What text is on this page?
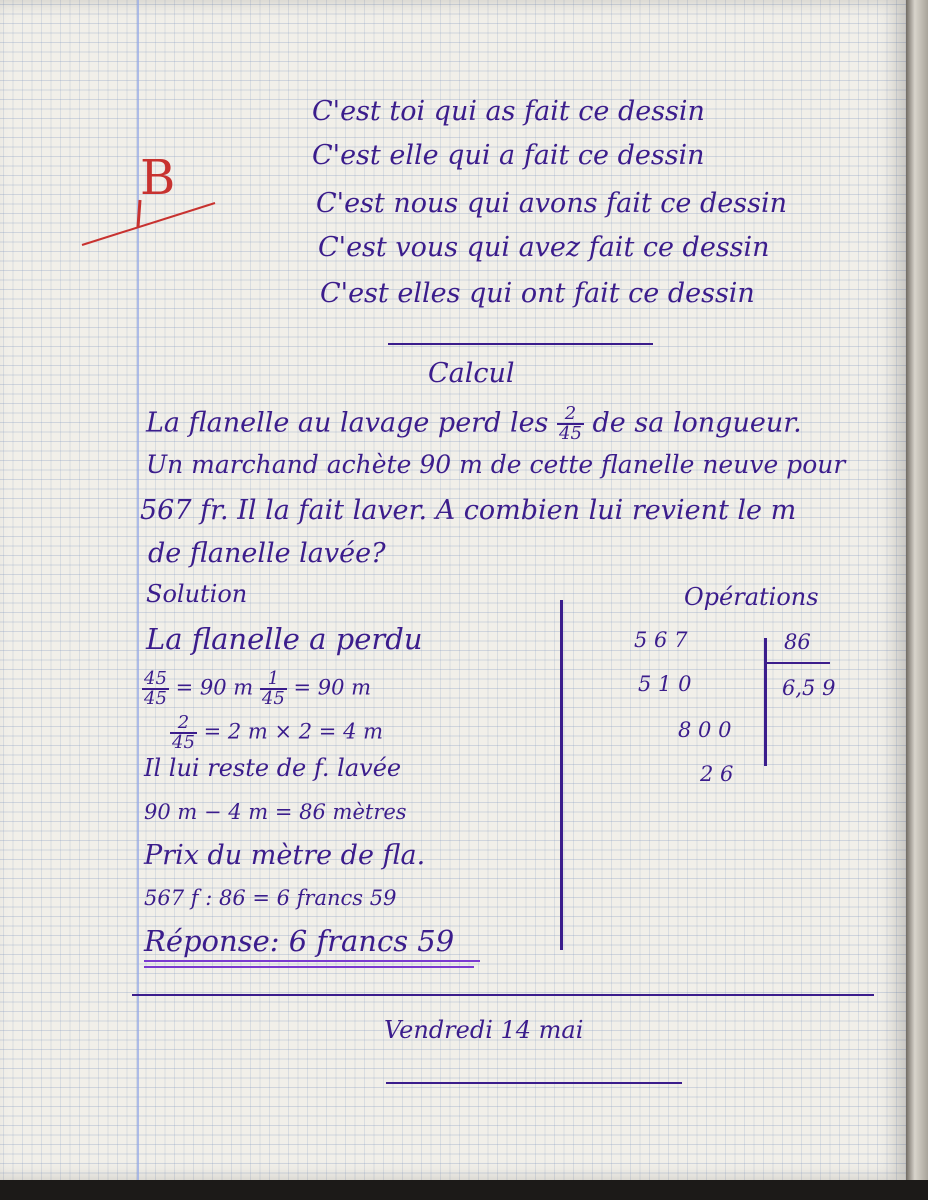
B
C'est toi qui as fait ce dessin
C'est elle qui a fait ce dessin
C'est nous qui avons fait ce dessin
C'est vous qui avez fait ce dessin
C'est elles qui ont fait ce dessin
Calcul
La flanelle au lavage perd les $\frac{2}{45}$ de sa longueur.
Un marchand achète 90 m de cette flanelle neuve pour
567 fr. Il la fait laver. A combien lui revient le m
de flanelle lavée?
Solution
La flanelle a perdu
$\frac{45}{45} = 90$ m $\frac{1}{45} = 90$ m
$\frac{2}{45} = 2$ m × 2 = 4 m
Il lui reste de f. lavée
90 m − 4 m = 86 mètres
Prix du mètre de fla.
567 f : 86 = 6 francs 59
Réponse: 6 francs 59
Opérations
5 6 7	86
5 1 0	6,5 9
8 0 0
2 6
Vendredi 14 mai
